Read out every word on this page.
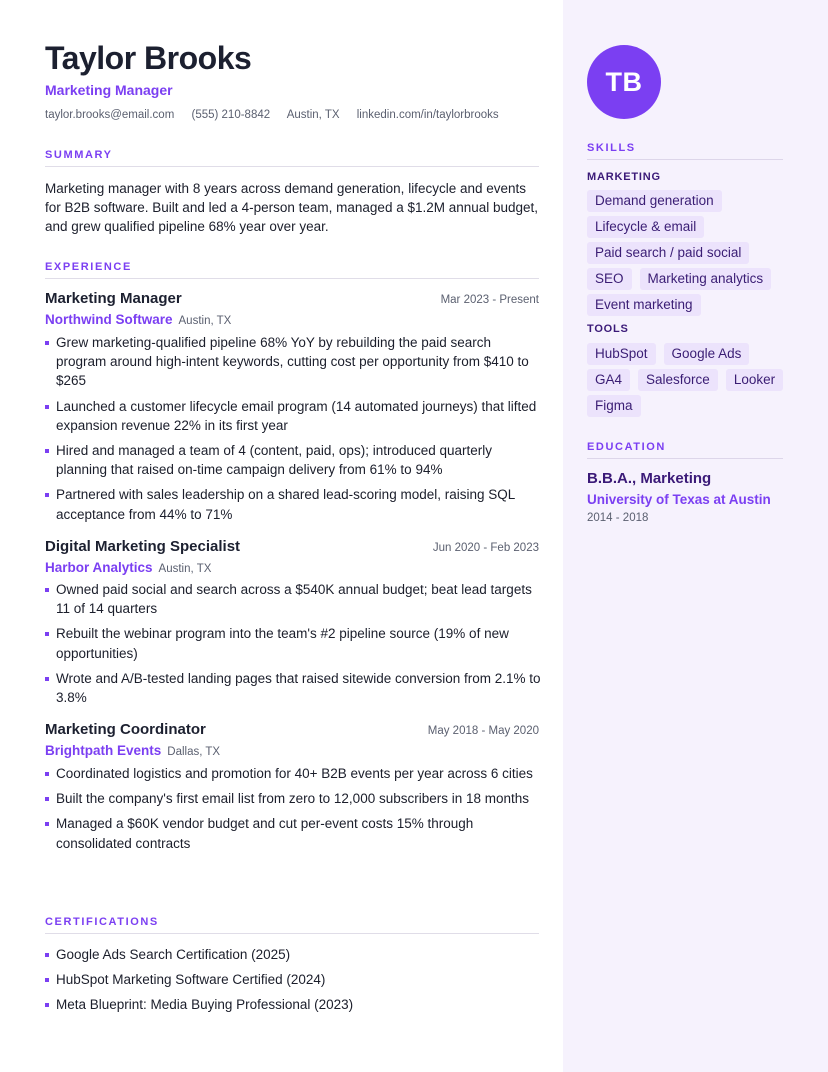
Taylor Brooks
Marketing Manager
taylor.brooks@email.com (555) 210-8842 Austin, TX linkedin.com/in/taylorbrooks
SUMMARY
Marketing manager with 8 years across demand generation, lifecycle and events for B2B software. Built and led a 4-person team, managed a $1.2M annual budget, and grew qualified pipeline 68% year over year.
EXPERIENCE
Marketing Manager	Mar 2023 - Present
Northwind Software Austin, TX
Grew marketing-qualified pipeline 68% YoY by rebuilding the paid search program around high-intent keywords, cutting cost per opportunity from $410 to $265
Launched a customer lifecycle email program (14 automated journeys) that lifted expansion revenue 22% in its first year
Hired and managed a team of 4 (content, paid, ops); introduced quarterly planning that raised on-time campaign delivery from 61% to 94%
Partnered with sales leadership on a shared lead-scoring model, raising SQL acceptance from 44% to 71%
Digital Marketing Specialist	Jun 2020 - Feb 2023
Harbor Analytics Austin, TX
Owned paid social and search across a $540K annual budget; beat lead targets 11 of 14 quarters
Rebuilt the webinar program into the team's #2 pipeline source (19% of new opportunities)
Wrote and A/B-tested landing pages that raised sitewide conversion from 2.1% to 3.8%
Marketing Coordinator	May 2018 - May 2020
Brightpath Events Dallas, TX
Coordinated logistics and promotion for 40+ B2B events per year across 6 cities
Built the company's first email list from zero to 12,000 subscribers in 18 months
Managed a $60K vendor budget and cut per-event costs 15% through consolidated contracts
CERTIFICATIONS
Google Ads Search Certification (2025)
HubSpot Marketing Software Certified (2024)
Meta Blueprint: Media Buying Professional (2023)
TB
SKILLS
MARKETING
Demand generation
Lifecycle & email
Paid search / paid social
SEO	Marketing analytics
Event marketing
TOOLS
HubSpot	Google Ads
GA4	Salesforce	Looker
Figma
EDUCATION
B.B.A., Marketing
University of Texas at Austin
2014 - 2018
